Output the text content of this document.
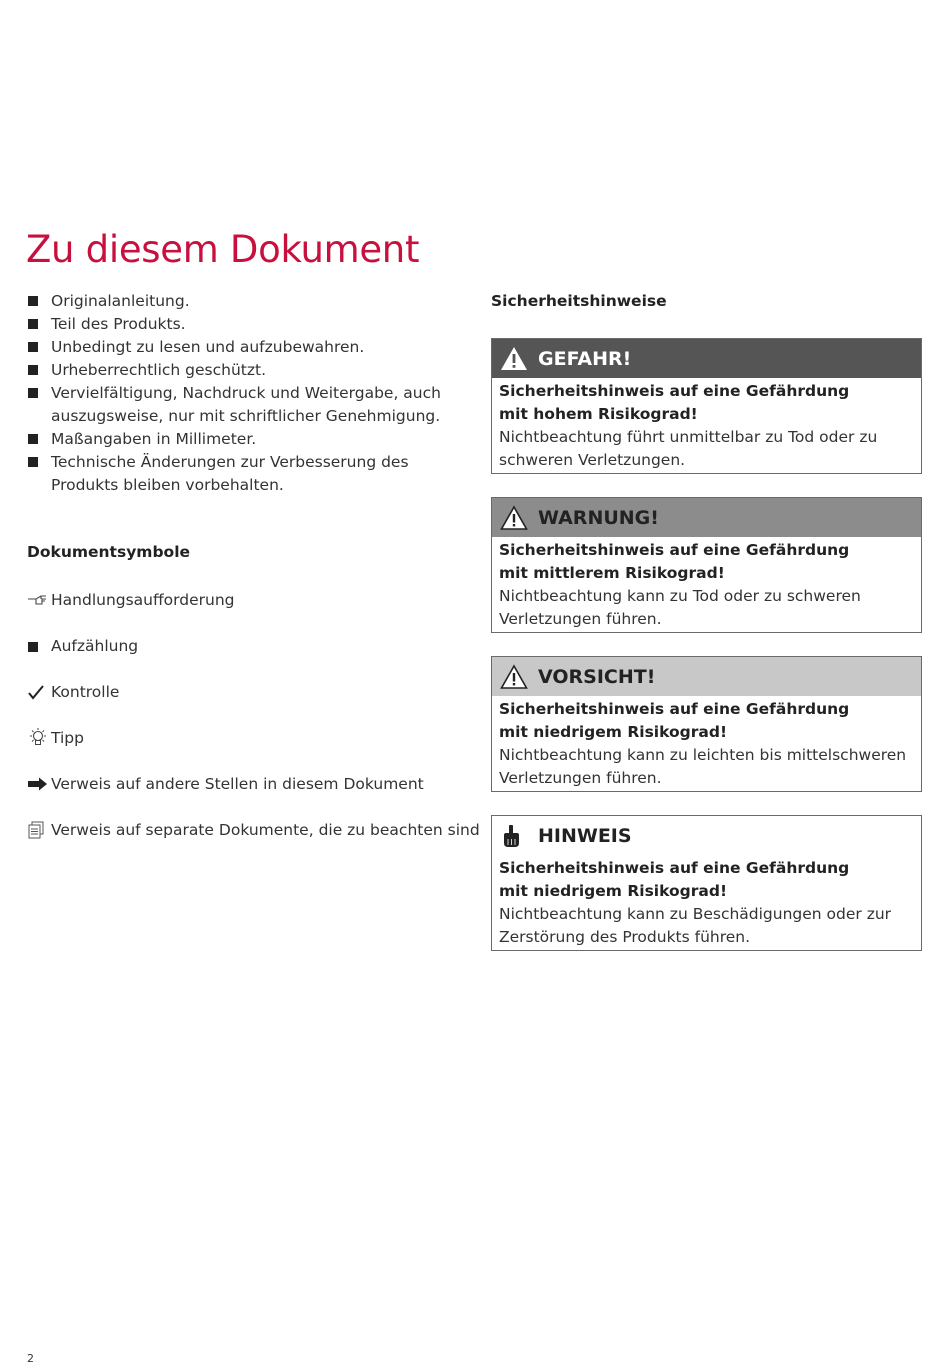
Zu diesem Dokument
Originalanleitung.
Teil des Produkts.
Unbedingt zu lesen und aufzubewahren.
Urheberrechtlich geschützt.
Vervielfältigung, Nachdruck und Weitergabe, auch auszugsweise, nur mit schriftlicher Genehmigung.
Maßangaben in Millimeter.
Technische Änderungen zur Verbesserung des Produkts bleiben vorbehalten.
Dokumentsymbole
Handlungsaufforderung
Aufzählung
Kontrolle
Tipp
Verweis auf andere Stellen in diesem Dokument
Verweis auf separate Dokumente, die zu beachten sind
Sicherheitshinweise
GEFAHR!
Sicherheitshinweis auf eine Gefährdung
mit hohem Risikograd!
Nichtbeachtung führt unmittelbar zu Tod oder zu
schweren Verletzungen.
WARNUNG!
Sicherheitshinweis auf eine Gefährdung
mit mittlerem Risikograd!
Nichtbeachtung kann zu Tod oder zu schweren
Verletzungen führen.
VORSICHT!
Sicherheitshinweis auf eine Gefährdung
mit niedrigem Risikograd!
Nichtbeachtung kann zu leichten bis mittelschweren
Verletzungen führen.
HINWEIS
Sicherheitshinweis auf eine Gefährdung
mit niedrigem Risikograd!
Nichtbeachtung kann zu Beschädigungen oder zur
Zerstörung des Produkts führen.
2
